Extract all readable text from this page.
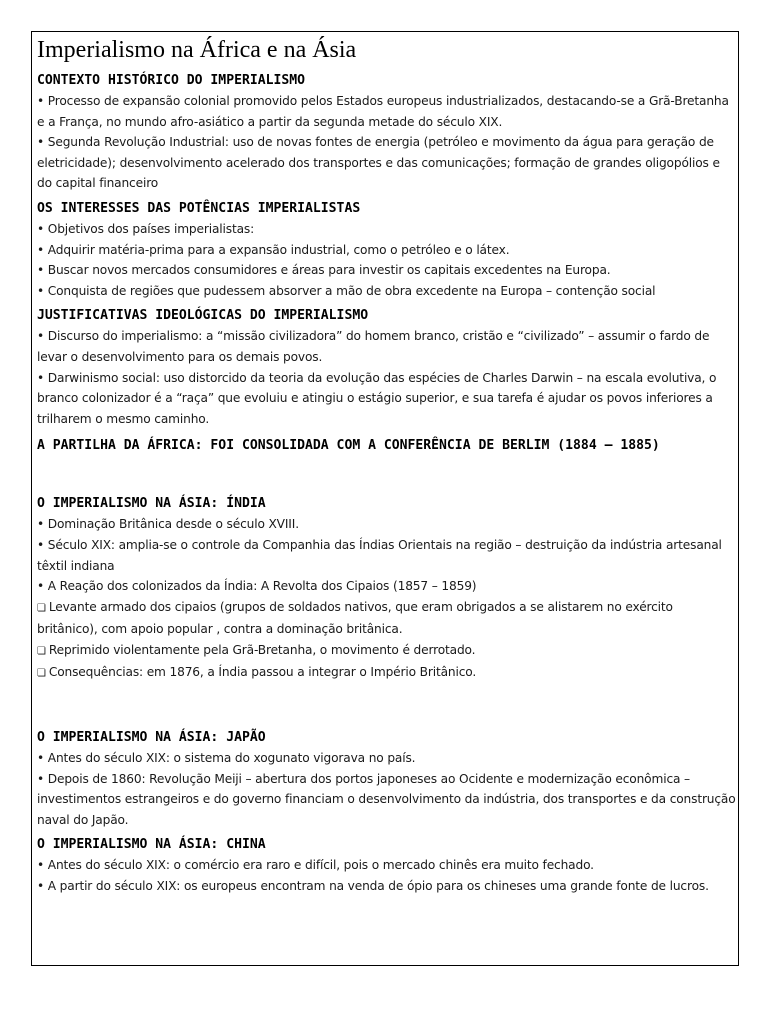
Imperialismo na África e na Ásia

CONTEXTO HISTÓRICO DO IMPERIALISMO

• Processo de expansão colonial promovido pelos Estados europeus industrializados, destacando-se a Grã-Bretanha e a França, no mundo afro-asiático a partir da segunda metade do século XIX.

• Segunda Revolução Industrial: uso de novas fontes de energia (petróleo e movimento da água para geração de eletricidade); desenvolvimento acelerado dos transportes e das comunicações; formação de grandes oligopólios e do capital financeiro

OS INTERESSES DAS POTÊNCIAS IMPERIALISTAS

• Objetivos dos países imperialistas:

• Adquirir matéria-prima para a expansão industrial, como o petróleo e o látex.

• Buscar novos mercados consumidores e áreas para investir os capitais excedentes na Europa.

• Conquista de regiões que pudessem absorver a mão de obra excedente na Europa – contenção social

JUSTIFICATIVAS IDEOLÓGICAS DO IMPERIALISMO

• Discurso do imperialismo: a “missão civilizadora” do homem branco, cristão e “civilizado” – assumir o fardo de levar o desenvolvimento para os demais povos.

• Darwinismo social: uso distorcido da teoria da evolução das espécies de Charles Darwin – na escala evolutiva, o branco colonizador é a “raça” que evoluiu e atingiu o estágio superior, e sua tarefa é ajudar os povos inferiores a trilharem o mesmo caminho.

A PARTILHA DA ÁFRICA: FOI CONSOLIDADA COM A CONFERÊNCIA DE BERLIM (1884 – 1885)

O IMPERIALISMO NA ÁSIA: ÍNDIA

• Dominação Britânica desde o século XVIII.

• Século XIX: amplia-se o controle da Companhia das Índias Orientais na região – destruição da indústria artesanal têxtil indiana

• A Reação dos colonizados da Índia: A Revolta dos Cipaios (1857 – 1859)

❏ Levante armado dos cipaios (grupos de soldados nativos, que eram obrigados a se alistarem no exército britânico), com apoio popular , contra a dominação britânica.

❏ Reprimido violentamente pela Grã-Bretanha, o movimento é derrotado.

❏ Consequências: em 1876, a Índia passou a integrar o Império Britânico.

O IMPERIALISMO NA ÁSIA: JAPÃO

• Antes do século XIX: o sistema do xogunato vigorava no país.

• Depois de 1860: Revolução Meiji – abertura dos portos japoneses ao Ocidente e modernização econômica – investimentos estrangeiros e do governo financiam o desenvolvimento da indústria, dos transportes e da construção naval do Japão.

O IMPERIALISMO NA ÁSIA: CHINA

• Antes do século XIX: o comércio era raro e difícil, pois o mercado chinês era muito fechado.

• A partir do século XIX: os europeus encontram na venda de ópio para os chineses uma grande fonte de lucros.
